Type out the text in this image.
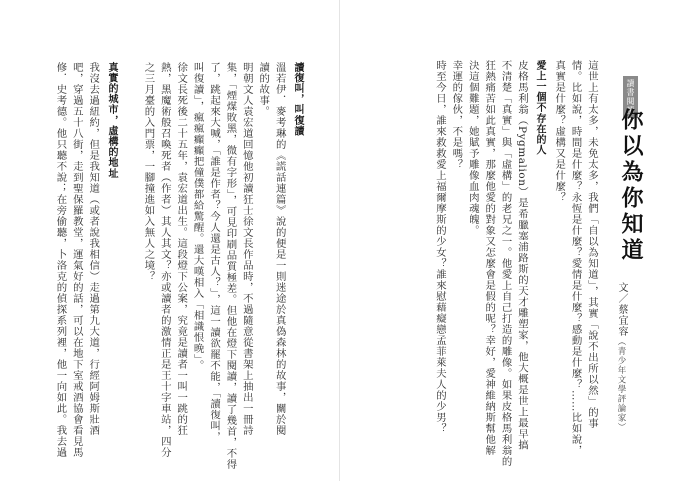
讀書閱讀
你以為你知道
文／蔡宜容（青少年文學評論家）
這世上有太多，未免太多，我們「自以為知道」，其實「說不出所以然」的事
情。比如說，時間是什麼？永恆是什麼？愛情是什麼？感動是什麼？……比如說，
真實是什麼？虛構又是什麼？
愛上一個不存在的人
皮格馬利翁（Pygmalion）是希臘塞浦路斯的天才雕塑家，他大概是世上最早搞
不清楚「真實」與「虛構」的老兄之一。他愛上自己打造的雕像。如果皮格馬利翁的
狂熱痛苦如此真實，那麼他愛的對象又怎麼會是假的呢？幸好，愛神維納斯幫他解
決這個難題，她賦予雕像血肉魂魄。
幸運的傢伙，不是嗎？
時至今日，誰來救救愛上福爾摩斯的少女？誰來慰藉癡戀孟菲萊夫人的少男？
讀復叫，叫復讀
溫若伊．麥考琳的《謊話連篇》說的便是一則迷途於真偽森林的故事，關於閱
讀的故事。
明朝文人袁宏道回憶他初讀狂士徐文長作品時，不過隨意從書架上抽出一冊詩
集，「煙煤敗黑，微有字形」，可見印刷品質極差。但他在燈下閱讀，讀了幾首，不得
了，跳起來大喊，「誰是作者？今人還是古人？」，這一讀欲罷不能，「讀復叫，
叫復讀」，瘋瘋癲癲把僮僕都給驚醒。還大嘆相入「相識恨晚」。
徐文長死後二十五年，袁宏道出生。這段燈下公案，究竟是讀者一叫一跳的狂
熱，黑魔術般召喚死者（作者）其人其文？亦或讀者的激情正是王十字車站，四分
之三月臺的入門票，一腳撞進如入無人之境？
真實的城市，虛構的地址
我沒去過紐約，但是我知道（或者說我相信）走過第九大道，行經阿姆斯壯酒
吧，穿過五十八街，走到聖保羅教堂，運氣好的話，可以在地下室戒酒協會看見馬
修．史考德。他只聽不說；在旁偷聽，卜洛克的偵探系列裡，他一向如此。我去過
